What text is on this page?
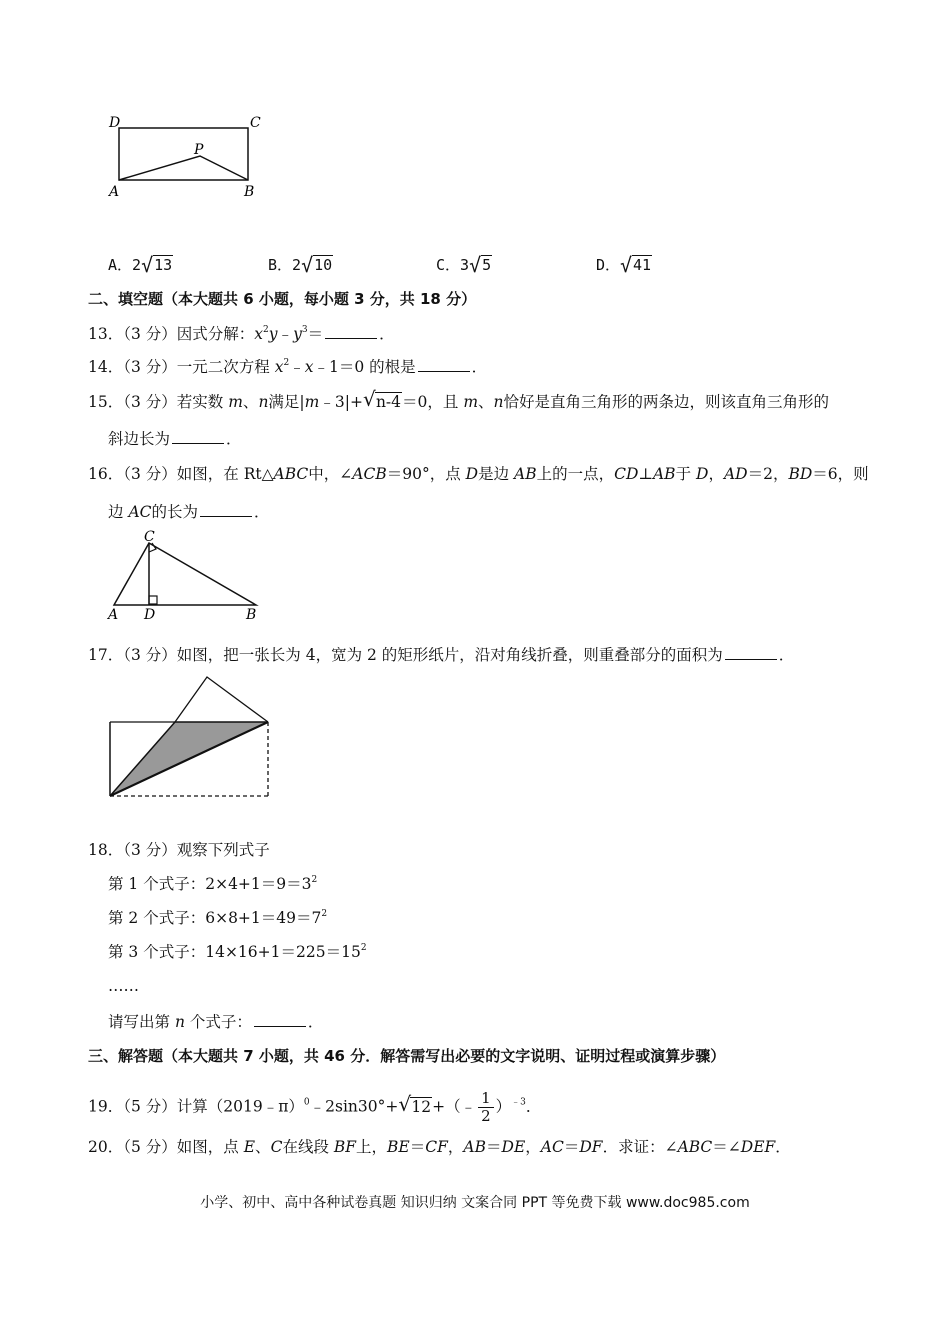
D	C
P
A	B
A．2 √ 13	B．2 √ 10	C．3 √ 5	D． √ 41
二、填空题（本大题共 6 小题，每小题 3 分，共 18 分）
13．（3 分）因式分解：$x^2y﹣y^3=$	．
14．（3 分）一元二次方程 $x^2﹣x﹣1=0$ 的根是	．
15．（3 分）若实数 m、n满足|m﹣3|+ √ n-4＝0，且 m、n恰好是直角三角形的两条边，则该直角三角形的
斜边长为	．
16．（3 分）如图，在 Rt△ABC中，∠ACB＝90°，点 D是边 AB上的一点，CD⊥AB于 D，AD＝2，BD＝6，则
边 AC的长为	．
C
A D	B
17．（3 分）如图，把一张长为 4，宽为 2 的矩形纸片，沿对角线折叠，则重叠部分的面积为	．
18．（3 分）观察下列式子
第 1 个式子：$2\times 4+1=9=3^2$
第 2 个式子：$6\times 8+1=49=7^2$
第 3 个式子：$14\times 16+1=225=15^2$
……
请写出第 n 个式子：	．
三、解答题（本大题共 7 小题，共 46 分．解答需写出必要的文字说明、证明过程或演算步骤）
19．（5 分）计算（2019﹣π）$^0$﹣2sin30°+ √ 12+（﹣ $\frac{1}{2} )^{﹣3}$．
20．（5 分）如图，点 E、C在线段 BF上，BE＝CF，AB＝DE，AC＝DF．求证：∠ABC＝∠DEF．
小学、初中、高中各种试卷真题 知识归纳 文案合同 PPT 等免费下载 www.doc985.com
